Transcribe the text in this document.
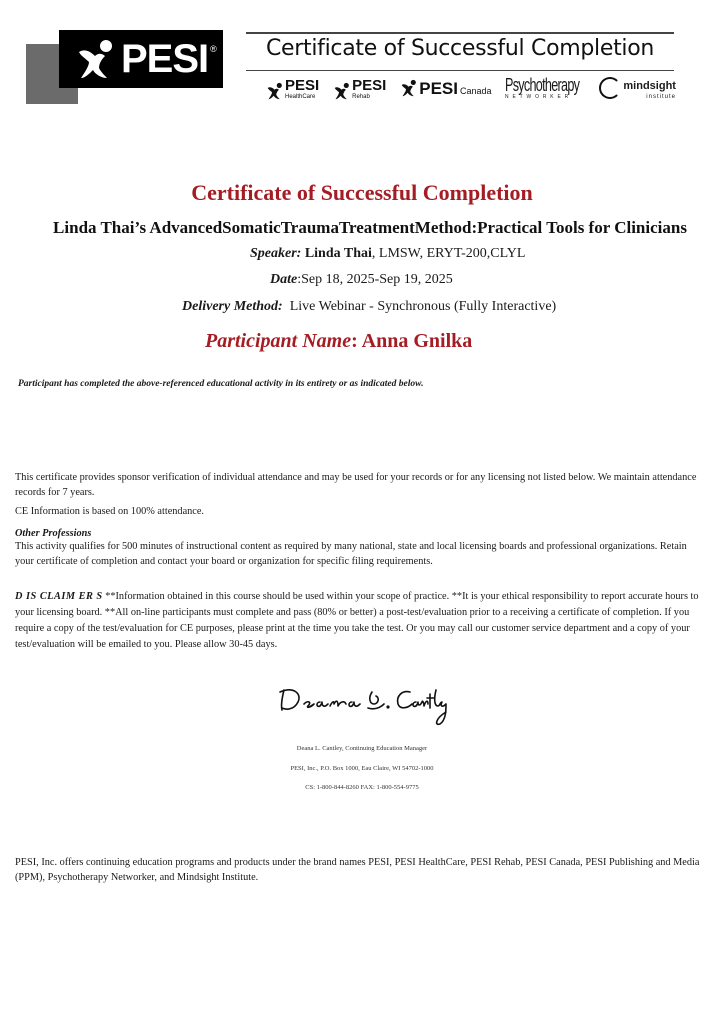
PESI ®	Certificate of Successful Completion
PESI
HealthCare
PESI
Rehab	PESI Canada Psychotherapy
NETWORKER
mindsight
institute
Certificate of Successful Completion
Linda Thai’s AdvancedSomaticTraumaTreatmentMethod:Practical Tools for Clinicians
Speaker: Linda Thai, LMSW, ERYT-200,CLYL
Date:Sep 18, 2025-Sep 19, 2025
Delivery Method: Live Webinar - Synchronous (Fully Interactive)
Participant Name: Anna Gnilka
Participant has completed the above-referenced educational activity in its entirety or as indicated below.
This certificate provides sponsor verification of individual attendance and may be used for your records or for any licensing not listed below. We maintain attendance records for 7 years.
CE Information is based on 100% attendance.
Other Professions
This activity qualifies for 500 minutes of instructional content as required by many national, state and local licensing boards and professional organizations. Retain your certificate of completion and contact your board or organization for specific filing requirements.
D IS CLAIM ER S **Information obtained in this course should be used within your scope of practice. **It is your ethical responsibility to report accurate hours to your licensing board. **All on-line participants must complete and pass (80% or better) a post-test/evaluation prior to a receiving a certificate of completion. If you require a copy of the test/evaluation for CE purposes, please print at the time you take the test. Or you may call our customer service department and a copy of your test/evaluation will be emailed to you. Please allow 30-45 days.
Deana L. Cantley, Continuing Education Manager
PESI, Inc., P.O. Box 1000, Eau Claire, WI 54702-1000
CS: 1-800-844-8260 FAX: 1-800-554-9775
PESI, Inc. offers continuing education programs and products under the brand names PESI, PESI HealthCare, PESI Rehab, PESI Canada, PESI Publishing and Media (PPM), Psychotherapy Networker, and Mindsight Institute.
